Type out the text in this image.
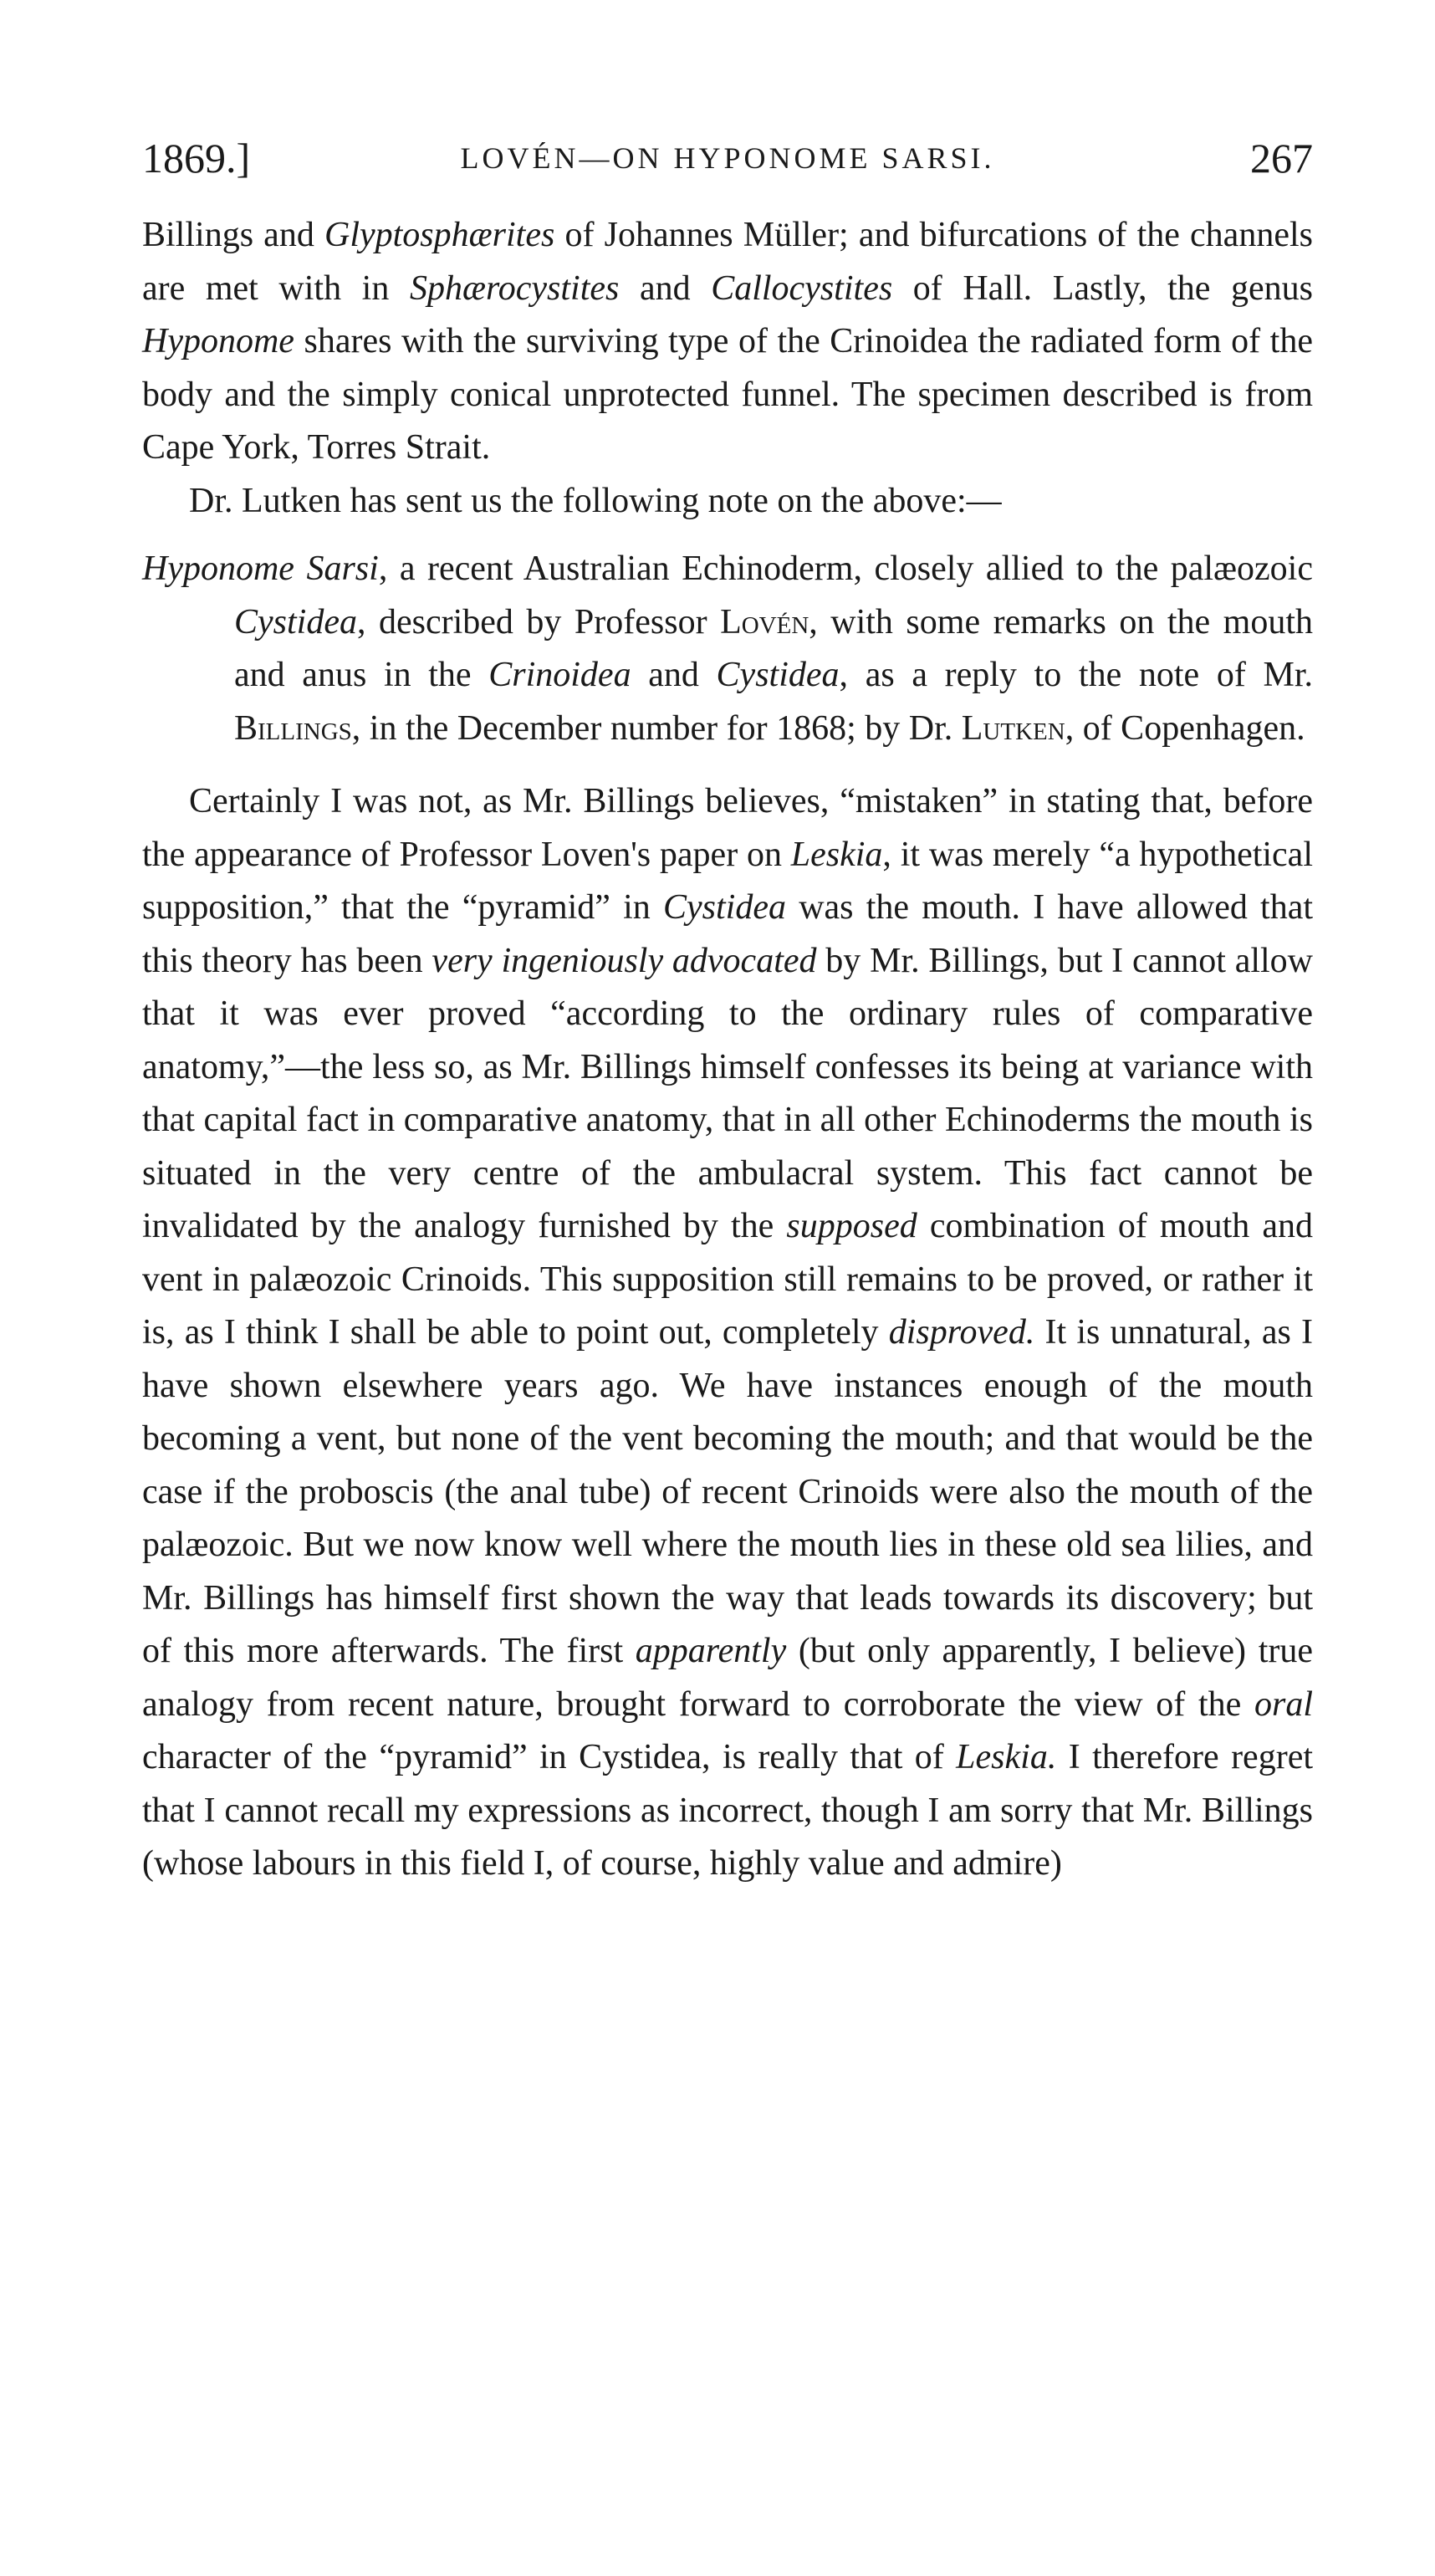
1869.]	LOVÉN—ON HYPONOME SARSI.	267

Billings and Glyptosphærites of Johannes Müller; and bifurcations of the channels are met with in Sphærocystites and Callocystites of Hall. Lastly, the genus Hyponome shares with the surviving type of the Crinoidea the radiated form of the body and the simply conical unprotected funnel. The specimen described is from Cape York, Torres Strait.

Dr. Lutken has sent us the following note on the above:—

Hyponome Sarsi, a recent Australian Echinoderm, closely allied to the palæozoic Cystidea, described by Professor Lovén, with some remarks on the mouth and anus in the Crinoidea and Cystidea, as a reply to the note of Mr. Billings, in the December number for 1868; by Dr. Lutken, of Copenhagen.

Certainly I was not, as Mr. Billings believes, “mistaken” in stating that, before the appearance of Professor Loven's paper on Leskia, it was merely “a hypothetical supposition,” that the “pyramid” in Cystidea was the mouth. I have allowed that this theory has been very ingeniously advocated by Mr. Billings, but I cannot allow that it was ever proved “according to the ordinary rules of comparative anatomy,”—the less so, as Mr. Billings himself confesses its being at variance with that capital fact in comparative anatomy, that in all other Echinoderms the mouth is situated in the very centre of the ambulacral system. This fact cannot be invalidated by the analogy furnished by the supposed combination of mouth and vent in palæozoic Crinoids. This supposition still remains to be proved, or rather it is, as I think I shall be able to point out, completely disproved. It is unnatural, as I have shown elsewhere years ago. We have instances enough of the mouth becoming a vent, but none of the vent becoming the mouth; and that would be the case if the proboscis (the anal tube) of recent Crinoids were also the mouth of the palæozoic. But we now know well where the mouth lies in these old sea lilies, and Mr. Billings has himself first shown the way that leads towards its discovery; but of this more afterwards. The first apparently (but only apparently, I believe) true analogy from recent nature, brought forward to corroborate the view of the oral character of the “pyramid” in Cystidea, is really that of Leskia. I therefore regret that I cannot recall my expressions as incorrect, though I am sorry that Mr. Billings (whose labours in this field I, of course, highly value and admire)
